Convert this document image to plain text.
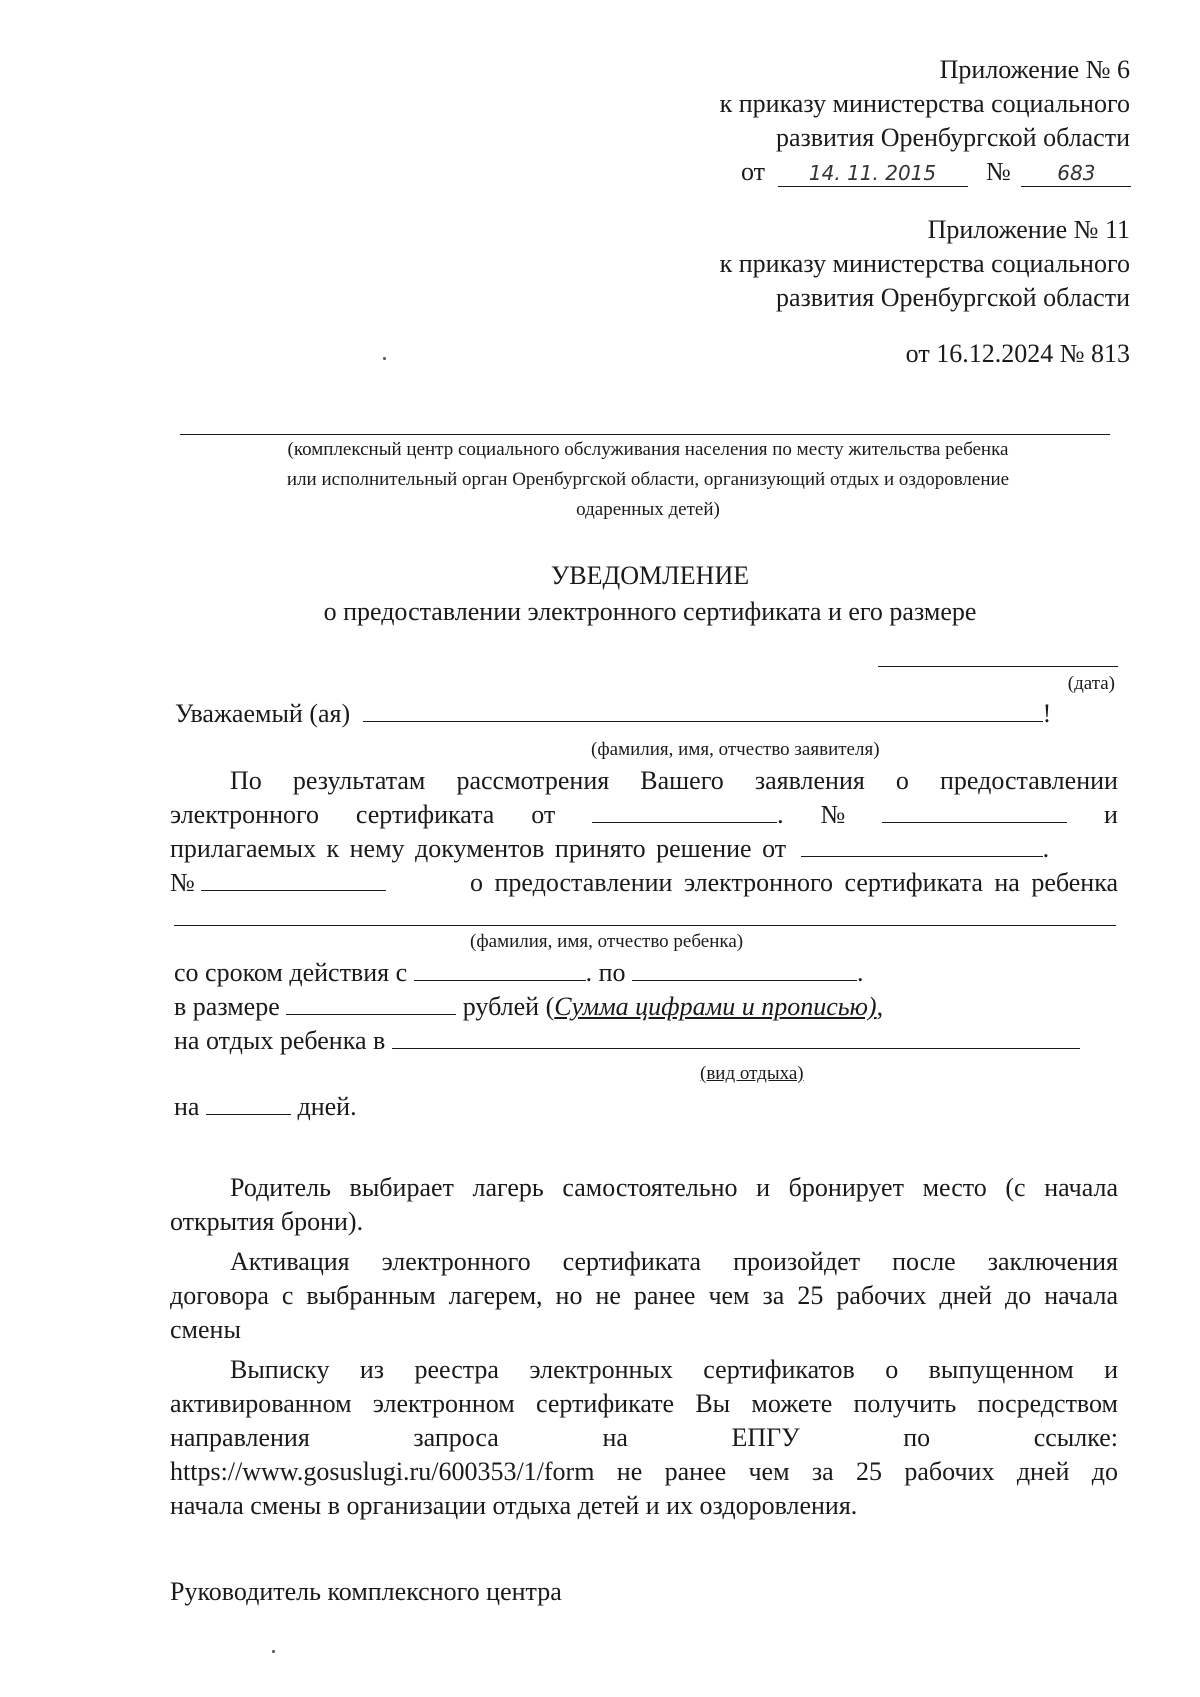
Приложение № 6
к приказу министерства социального
развития Оренбургской области
от 14. 11. 2015 № 683
Приложение № 11
к приказу министерства социального
развития Оренбургской области
от 16.12.2024 № 813
(комплексный центр социального обслуживания населения по месту жительства ребенка
или исполнительный орган Оренбургской области, организующий отдых и оздоровление
одаренных детей)
УВЕДОМЛЕНИЕ
о предоставлении электронного сертификата и его размере
(дата)
Уважаемый (ая)	!
(фамилия, имя, отчество заявителя)
По результатам рассмотрения Вашего заявления о предоставлении
электронного сертификата от	. №	и
прилагаемых к нему документов принято решение от	.
№	о предоставлении электронного сертификата на ребенка
(фамилия, имя, отчество ребенка)
со сроком действия с	. по	.
в размере	рублей (Сумма цифрами и прописью),
на отдых ребенка в
(вид отдыха)
на	дней.
Родитель выбирает лагерь самостоятельно и бронирует место (с начала
открытия брони).
Активация электронного сертификата произойдет после заключения
договора с выбранным лагерем, но не ранее чем за 25 рабочих дней до начала
смены
Выписку из реестра электронных сертификатов о выпущенном и
активированном электронном сертификате Вы можете получить посредством
направления	запроса	на	ЕПГУ	по	ссылке:
https://www.gosuslugi.ru/600353/1/form не ранее чем за 25 рабочих дней до
начала смены в организации отдыха детей и их оздоровления.
Руководитель комплексного центра
